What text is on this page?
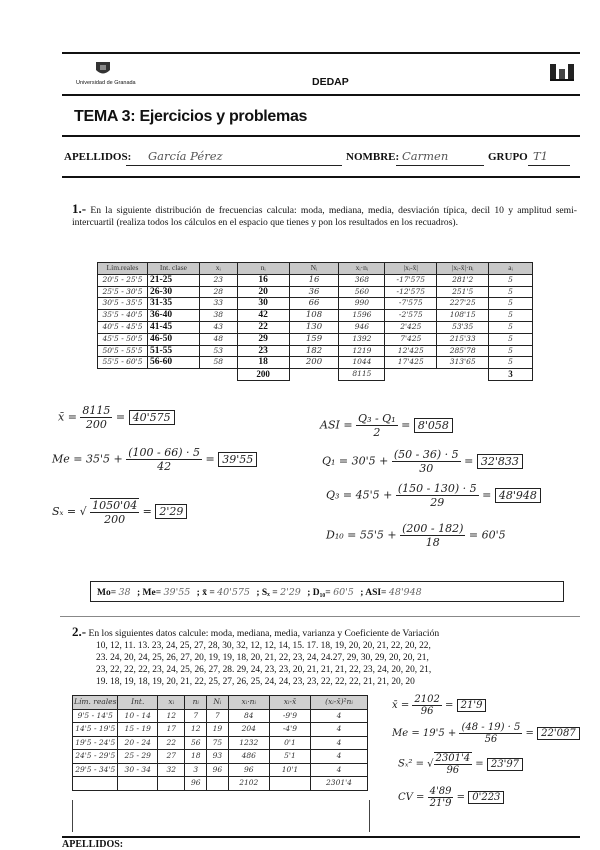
Universidad de Granada	DEDAP
TEMA 3: Ejercicios y problemas
APELLIDOS: García Pérez	NOMBRE: Carmen	GRUPO T1
1.- En la siguiente distribución de frecuencias calcula: moda, mediana, media, desviación típica, decil 10 y amplitud semi-intercuartil (realiza todos los cálculos en el espacio que tienes y pon los resultados en los recuadros).
Lím.reales	Int. clase	xᵢ	nᵢ	Nᵢ	xᵢ·nᵢ	|xᵢ-x̄|	|xᵢ-x̄|·nᵢ	aᵢ
20'5 - 25'5	21-25	23	16	16	368	-17'575	281'2	5
25'5 - 30'5	26-30	28	20	36	560	-12'575	251'5	5
30'5 - 35'5	31-35	33	30	66	990	-7'575	227'25	5
35'5 - 40'5	36-40	38	42	108	1596	-2'575	108'15	5
40'5 - 45'5	41-45	43	22	130	946	2'425	53'35	5
45'5 - 50'5	46-50	48	29	159	1392	7'425	215'33	5
50'5 - 55'5	51-55	53	23	182	1219	12'425	285'78	5
55'5 - 60'5	56-60	58	18	200	1044	17'425	313'65	5
			200		8115			3
x̄ = $\frac{8115}{200} = 40'575$
$Me = 35'5 + \frac{(100 - 66) \cdot 5}{42} = 39'55$
Sₓ = √ $\frac{1050'04}{200} = 2'29$
ASI = $\frac{\text{Q₃ - Q₁}}{2} = 8'058$
$Q_1 = 30'5 + \frac{(50 - 36) \cdot 5}{30} = 32'833$
$Q_3 = 45'5 + \frac{(150 - 130) \cdot 5}{29} = 48'948$
$D_{10} = 55'5 + \frac{(200 - 182)}{18} = 60'5$
Mo= 38 ; Me= 39'55 ; x̄ = 40'575 ; Sₓ = 2'29 ; D₁₀= 60'5 ; ASI= 48'948
2.- En los siguientes datos calcule: moda, mediana, media, varianza y Coeficiente de Variación
10, 12, 11. 13. 23, 24, 25, 27, 28, 30, 32, 12, 12, 14, 15. 17. 18, 19, 20, 20, 21, 22, 20, 22,
23. 24, 20, 24, 25, 26, 27, 20, 19, 19, 18, 20, 21, 22, 23, 24, 24.27, 29, 30, 29, 20, 20, 21,
23, 22, 22, 22, 23, 24, 25, 26, 27, 28. 29, 24, 23, 23, 20, 21, 21, 21, 22, 23, 24, 20, 20, 21,
19. 18, 19, 18, 19, 20, 21, 22, 25, 27, 26, 25, 24, 24, 23, 23, 22, 22, 22, 21, 21, 20, 20
Lím. reales	Int.	xᵢ	nᵢ	Nᵢ	xᵢ·nᵢ	xᵢ-x̄	(xᵢ-x̄)²nᵢ
9'5 - 14'5	10 - 14	12	7	7	84	-9'9	4
14'5 - 19'5	15 - 19	17	12	19	204	-4'9	4
19'5 - 24'5	20 - 24	22	56	75	1232	0'1	4
24'5 - 29'5	25 - 29	27	18	93	486	5'1	4
29'5 - 34'5	30 - 34	32	3	96	96	10'1	4
			96		2102		2301'4
x̄ = $\frac{2102}{96} = 21'9$
$Me = 19'5 + \frac{(48 - 19) \cdot 5}{56} = 22'087$
Sₓ² = √ $\frac{2301'4}{96} = 23'97$
CV = $\frac{4'89}{21'9} = 0'223$
APELLIDOS:
